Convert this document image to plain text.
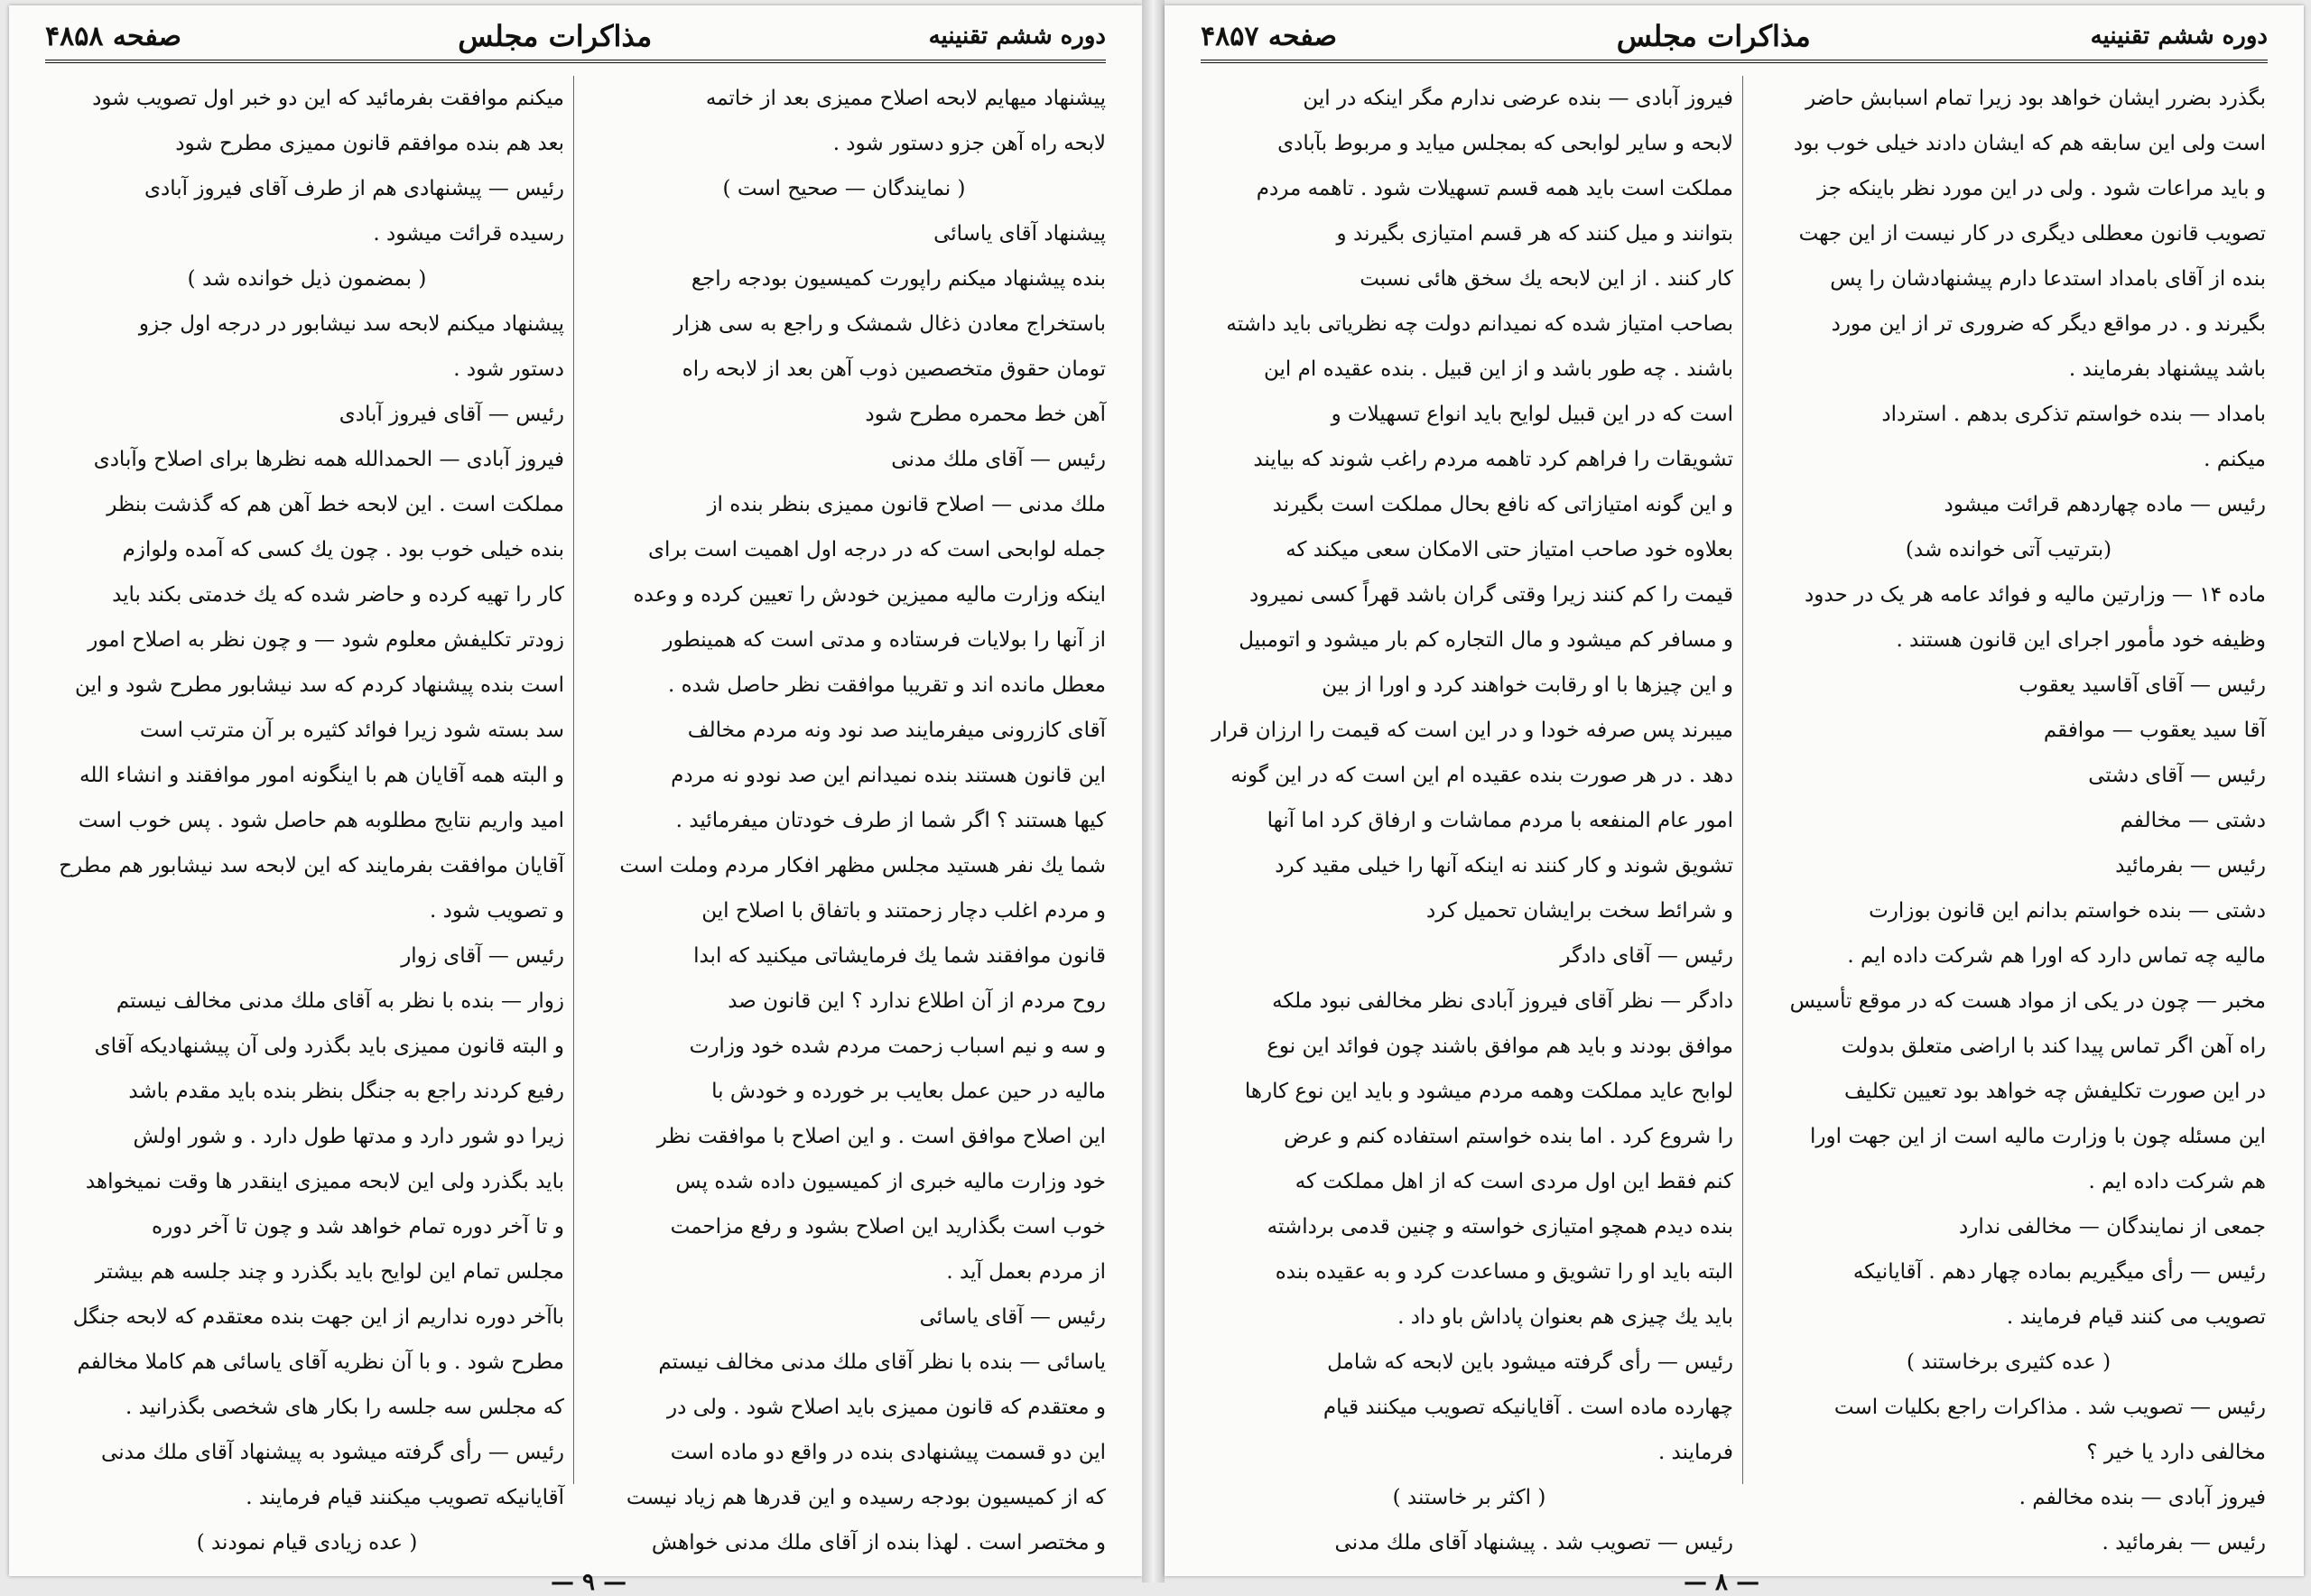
صفحه ۴۸۵۸	مذاکرات مجلس	دوره ششم تقنینیه

پیشنهاد میهایم لابحه اصلاح ممیزی بعد از خاتمه

لابحه راه آهن جزو دستور شود .

( نمایندگان — صحیح است )

پیشنهاد آقای یاسائی

بنده پیشنهاد میکنم راپورت کمیسیون بودجه راجع

باستخراج معادن ذغال شمشک و راجع به سی هزار

تومان حقوق متخصصین ذوب آهن بعد از لابحه راه

آهن خط محمره مطرح شود

رئیس — آقای ملك مدنی

ملك مدنی — اصلاح قانون ممیزی بنظر بنده از

جمله لوابحی است که در درجه اول اهمیت است برای

اینکه وزارت مالیه ممیزین خودش را تعیین کرده و وعده

از آنها را بولایات فرستاده و مدتی است که همینطور

معطل مانده اند و تقریبا موافقت نظر حاصل شده .

آقای کازرونی میفرمایند صد نود ونه مردم مخالف

این قانون هستند بنده نمیدانم این صد نودو نه مردم

کیها هستند ؟ اگر شما از طرف خودتان میفرمائید .

شما یك نفر هستید مجلس مظهر افکار مردم وملت است

و مردم اغلب دچار زحمتند و باتفاق با اصلاح این

قانون موافقند شما یك فرمایشاتی میکنید که ابدا

روح مردم از آن اطلاع ندارد ؟ این قانون صد

و سه و نیم اسباب زحمت مردم شده خود وزارت

مالیه در حین عمل بعایب بر خورده و خودش با

این اصلاح موافق است . و این اصلاح با موافقت نظر

خود وزارت مالیه خبری از کمیسیون داده شده پس

خوب است بگذارید این اصلاح بشود و رفع مزاحمت

از مردم بعمل آید .

رئیس — آقای یاسائی

یاسائی — بنده با نظر آقای ملك مدنی مخالف نیستم

و معتقدم که قانون ممیزی باید اصلاح شود . ولی در

این دو قسمت پیشنهادی بنده در واقع دو ماده است

که از کمیسیون بودجه رسیده و این قدرها هم زیاد نیست

و مختصر است . لهذا بنده از آقای ملك مدنی خواهش

میکنم موافقت بفرمائید که این دو خبر اول تصویب شود

بعد هم بنده موافقم قانون ممیزی مطرح شود

رئیس — پیشنهادی هم از طرف آقای فیروز آبادی

رسیده قرائت میشود .

( بمضمون ذیل خوانده شد )

پیشنهاد میکنم لابحه سد نیشابور در درجه اول جزو

دستور شود .

رئیس — آقای فیروز آبادی

فیروز آبادی — الحمدالله همه نظرها برای اصلاح وآبادی

مملکت است . این لابحه خط آهن هم که گذشت بنظر

بنده خیلی خوب بود . چون یك کسی که آمده ولوازم

کار را تهیه کرده و حاضر شده که یك خدمتی بکند باید

زودتر تکلیفش معلوم شود — و چون نظر به اصلاح امور

است بنده پیشنهاد کردم که سد نیشابور مطرح شود و این

سد بسته شود زیرا فوائد کثیره بر آن مترتب است

و البته همه آقایان هم با اینگونه امور موافقند و انشاء الله

امید واریم نتایج مطلوبه هم حاصل شود . پس خوب است

آقایان موافقت بفرمایند که این لابحه سد نیشابور هم مطرح

و تصویب شود .

رئیس — آقای زوار

زوار — بنده با نظر به آقای ملك مدنی مخالف نیستم

و البته قانون ممیزی باید بگذرد ولی آن پیشنهادیکه آقای

رفیع کردند راجع به جنگل بنظر بنده باید مقدم باشد

زیرا دو شور دارد و مدتها طول دارد . و شور اولش

باید بگذرد ولی این لابحه ممیزی اینقدر ها وقت نمیخواهد

و تا آخر دوره تمام خواهد شد و چون تا آخر دوره

مجلس تمام این لوایح باید بگذرد و چند جلسه هم بیشتر

باآخر دوره نداریم از این جهت بنده معتقدم که لابحه جنگل

مطرح شود . و با آن نظریه آقای یاسائی هم کاملا مخالفم

که مجلس سه جلسه را بکار های شخصی بگذرانید .

رئیس — رأی گرفته میشود به پیشنهاد آقای ملك مدنی

آقایانیکه تصویب میکنند قیام فرمایند .

( عده زیادی قیام نمودند )

— ۹ —
صفحه ۴۸۵۷	مذاکرات مجلس	دوره ششم تقنینیه

بگذرد بضرر ایشان خواهد بود زیرا تمام اسبابش حاضر

است ولی این سابقه هم که ایشان دادند خیلی خوب بود

و باید مراعات شود . ولی در این مورد نظر باینکه جز

تصویب قانون معطلی دیگری در کار نیست از این جهت

بنده از آقای بامداد استدعا دارم پیشنهادشان را پس

بگیرند و . در مواقع دیگر که ضروری تر از این مورد

باشد پیشنهاد بفرمایند .

بامداد — بنده خواستم تذکری بدهم . استرداد

میکنم .

رئیس — ماده چهاردهم قرائت میشود

(بترتیب آتی خوانده شد)

ماده ۱۴ — وزارتین مالیه و فوائد عامه هر یک در حدود

وظیفه خود مأمور اجرای این قانون هستند .

رئیس — آقای آقاسید یعقوب

آقا سید یعقوب — موافقم

رئیس — آقای دشتی

دشتی — مخالفم

رئیس — بفرمائید

دشتی — بنده خواستم بدانم این قانون بوزارت

مالیه چه تماس دارد که اورا هم شرکت داده ایم .

مخبر — چون در یکی از مواد هست که در موقع تأسیس

راه آهن اگر تماس پیدا کند با اراضی متعلق بدولت

در این صورت تکلیفش چه خواهد بود تعیین تکلیف

این مسئله چون با وزارت مالیه است از این جهت اورا

هم شرکت داده ایم .

جمعی از نمایندگان — مخالفی ندارد

رئیس — رأی میگیریم بماده چهار دهم . آقایانیکه

تصویب می کنند قیام فرمایند .

( عده کثیری برخاستند )

رئیس — تصویب شد . مذاکرات راجع بکلیات است

مخالفی دارد یا خیر ؟

فیروز آبادی — بنده مخالفم .

رئیس — بفرمائید .

فیروز آبادی — بنده عرضی ندارم مگر اینکه در این

لابحه و سایر لوابحی که بمجلس میاید و مربوط بآبادی

مملکت است باید همه قسم تسهیلات شود . تاهمه مردم

بتوانند و میل کنند که هر قسم امتیازی بگیرند و

کار کنند . از این لابحه یك سخق هائی نسبت

بصاحب امتیاز شده که نمیدانم دولت چه نظریاتی باید داشته

باشند . چه طور باشد و از این قبیل . بنده عقیده ام این

است که در این قبیل لوایح باید انواع تسهیلات و

تشویقات را فراهم کرد تاهمه مردم راغب شوند که بیایند

و این گونه امتیازاتی که نافع بحال مملکت است بگیرند

بعلاوه خود صاحب امتیاز حتی الامکان سعی میکند که

قیمت را کم کنند زیرا وقتی گران باشد قهراً کسی نمیرود

و مسافر کم میشود و مال التجاره کم بار میشود و اتومبیل

و این چیزها با او رقابت خواهند کرد و اورا از بین

میبرند پس صرفه خودا و در این است که قیمت را ارزان قرار

دهد . در هر صورت بنده عقیده ام این است که در این گونه

امور عام المنفعه با مردم مماشات و ارفاق کرد اما آنها

تشویق شوند و کار کنند نه اینکه آنها را خیلی مقید کرد

و شرائط سخت برایشان تحمیل کرد

رئیس — آقای دادگر

دادگر — نظر آقای فیروز آبادی نظر مخالفی نبود ملکه

موافق بودند و باید هم موافق باشند چون فوائد این نوع

لوابح عاید مملکت وهمه مردم میشود و باید این نوع کارها

را شروع کرد . اما بنده خواستم استفاده کنم و عرض

کنم فقط این اول مردی است که از اهل مملکت که

بنده دیدم همچو امتیازی خواسته و چنین قدمی برداشته

البته باید او را تشویق و مساعدت کرد و به عقیده بنده

باید یك چیزی هم بعنوان پاداش باو داد .

رئیس — رأی گرفته میشود باین لابحه که شامل

چهارده ماده است . آقایانیکه تصویب میکنند قیام

فرمایند .

( اکثر بر خاستند )

رئیس — تصویب شد . پیشنهاد آقای ملك مدنی

— ۸ —
